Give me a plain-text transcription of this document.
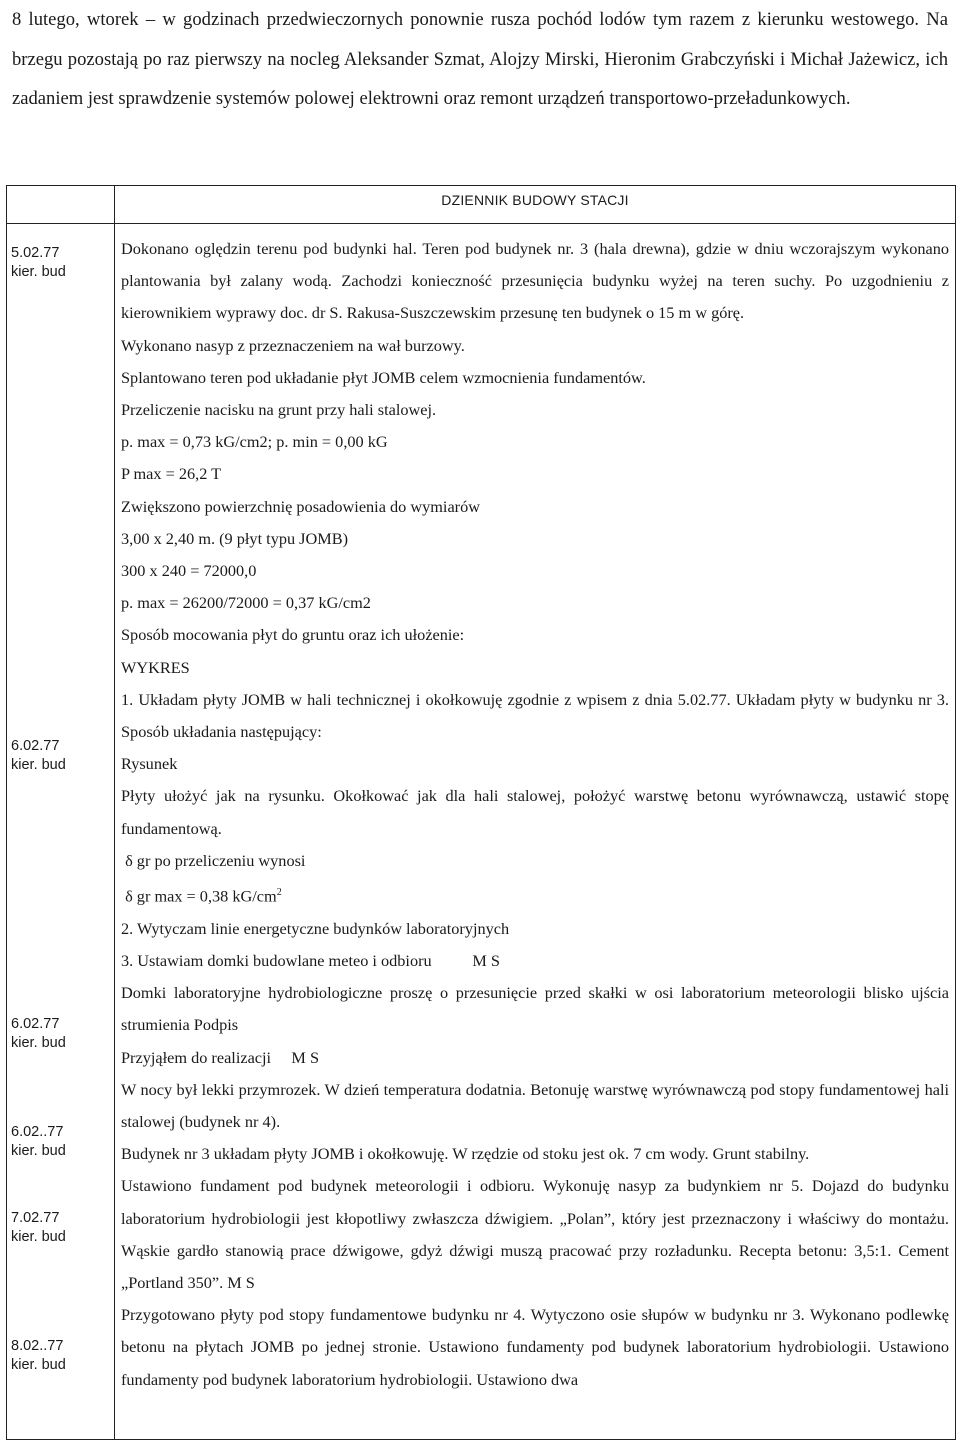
8 lutego, wtorek – w godzinach przedwieczornych ponownie rusza pochód lodów tym razem z kierunku westowego. Na brzegu pozostają po raz pierwszy na nocleg Aleksander Szmat, Alojzy Mirski, Hieronim Grabczyński i Michał Jażewicz, ich zadaniem jest sprawdzenie systemów polowej elektrowni oraz remont urządzeń transportowo-przeładunkowych.

DZIENNIK BUDOWY STACJI
5.02.77
kier. bud
6.02.77
kier. bud
6.02.77
kier. bud
6.02..77
kier. bud
7.02.77
kier. bud
8.02..77
kier. bud

Dokonano oględzin terenu pod budynki hal. Teren pod budynek nr. 3 (hala drewna), gdzie w dniu wczorajszym wykonano plantowania był zalany wodą. Zachodzi konieczność przesunięcia budynku wyżej na teren suchy. Po uzgodnieniu z kierownikiem wyprawy doc. dr S. Rakusa-Suszczewskim przesunę ten budynek o 15 m w górę.

Wykonano nasyp z przeznaczeniem na wał burzowy.

Splantowano teren pod układanie płyt JOMB celem wzmocnienia fundamentów.

Przeliczenie nacisku na grunt przy hali stalowej.

p. max = 0,73 kG/cm2; p. min = 0,00 kG

P max = 26,2 T

Zwiększono powierzchnię posadowienia do wymiarów

3,00 x 2,40 m. (9 płyt typu JOMB)

300 x 240 = 72000,0

p. max = 26200/72000 = 0,37 kG/cm2

Sposób mocowania płyt do gruntu oraz ich ułożenie:

WYKRES

1. Układam płyty JOMB w hali technicznej i okołkowuję zgodnie z wpisem z dnia 5.02.77. Układam płyty w budynku nr 3. Sposób układania następujący:

Rysunek

Płyty ułożyć jak na rysunku. Okołkować jak dla hali stalowej, położyć warstwę betonu wyrównawczą, ustawić stopę fundamentową.

δ gr po przeliczeniu wynosi

δ gr max = 0,38 $kG/cm^2$

2. Wytyczam linie energetyczne budynków laboratoryjnych

3. Ustawiam domki budowlane meteo i odbioru          M S

Domki laboratoryjne hydrobiologiczne proszę o przesunięcie przed skałki w osi laboratorium meteorologii blisko ujścia strumienia Podpis

Przyjąłem do realizacji     M S

W nocy był lekki przymrozek. W dzień temperatura dodatnia. Betonuję warstwę wyrównawczą pod stopy fundamentowej hali stalowej (budynek nr 4).

Budynek nr 3 układam płyty JOMB i okołkowuję. W rzędzie od stoku jest ok. 7 cm wody. Grunt stabilny.

Ustawiono fundament pod budynek meteorologii i odbioru. Wykonuję nasyp za budynkiem nr 5. Dojazd do budynku laboratorium hydrobiologii jest kłopotliwy zwłaszcza dźwigiem. „Polan”, który jest przeznaczony i właściwy do montażu. Wąskie gardło stanowią prace dźwigowe, gdyż dźwigi muszą pracować przy rozładunku. Recepta betonu: 3,5:1. Cement „Portland 350”. M S

Przygotowano płyty pod stopy fundamentowe budynku nr 4. Wytyczono osie słupów w budynku nr 3. Wykonano podlewkę betonu na płytach JOMB po jednej stronie. Ustawiono fundamenty pod budynek laboratorium hydrobiologii. Ustawiono fundamenty pod budynek laboratorium hydrobiologii. Ustawiono dwa
